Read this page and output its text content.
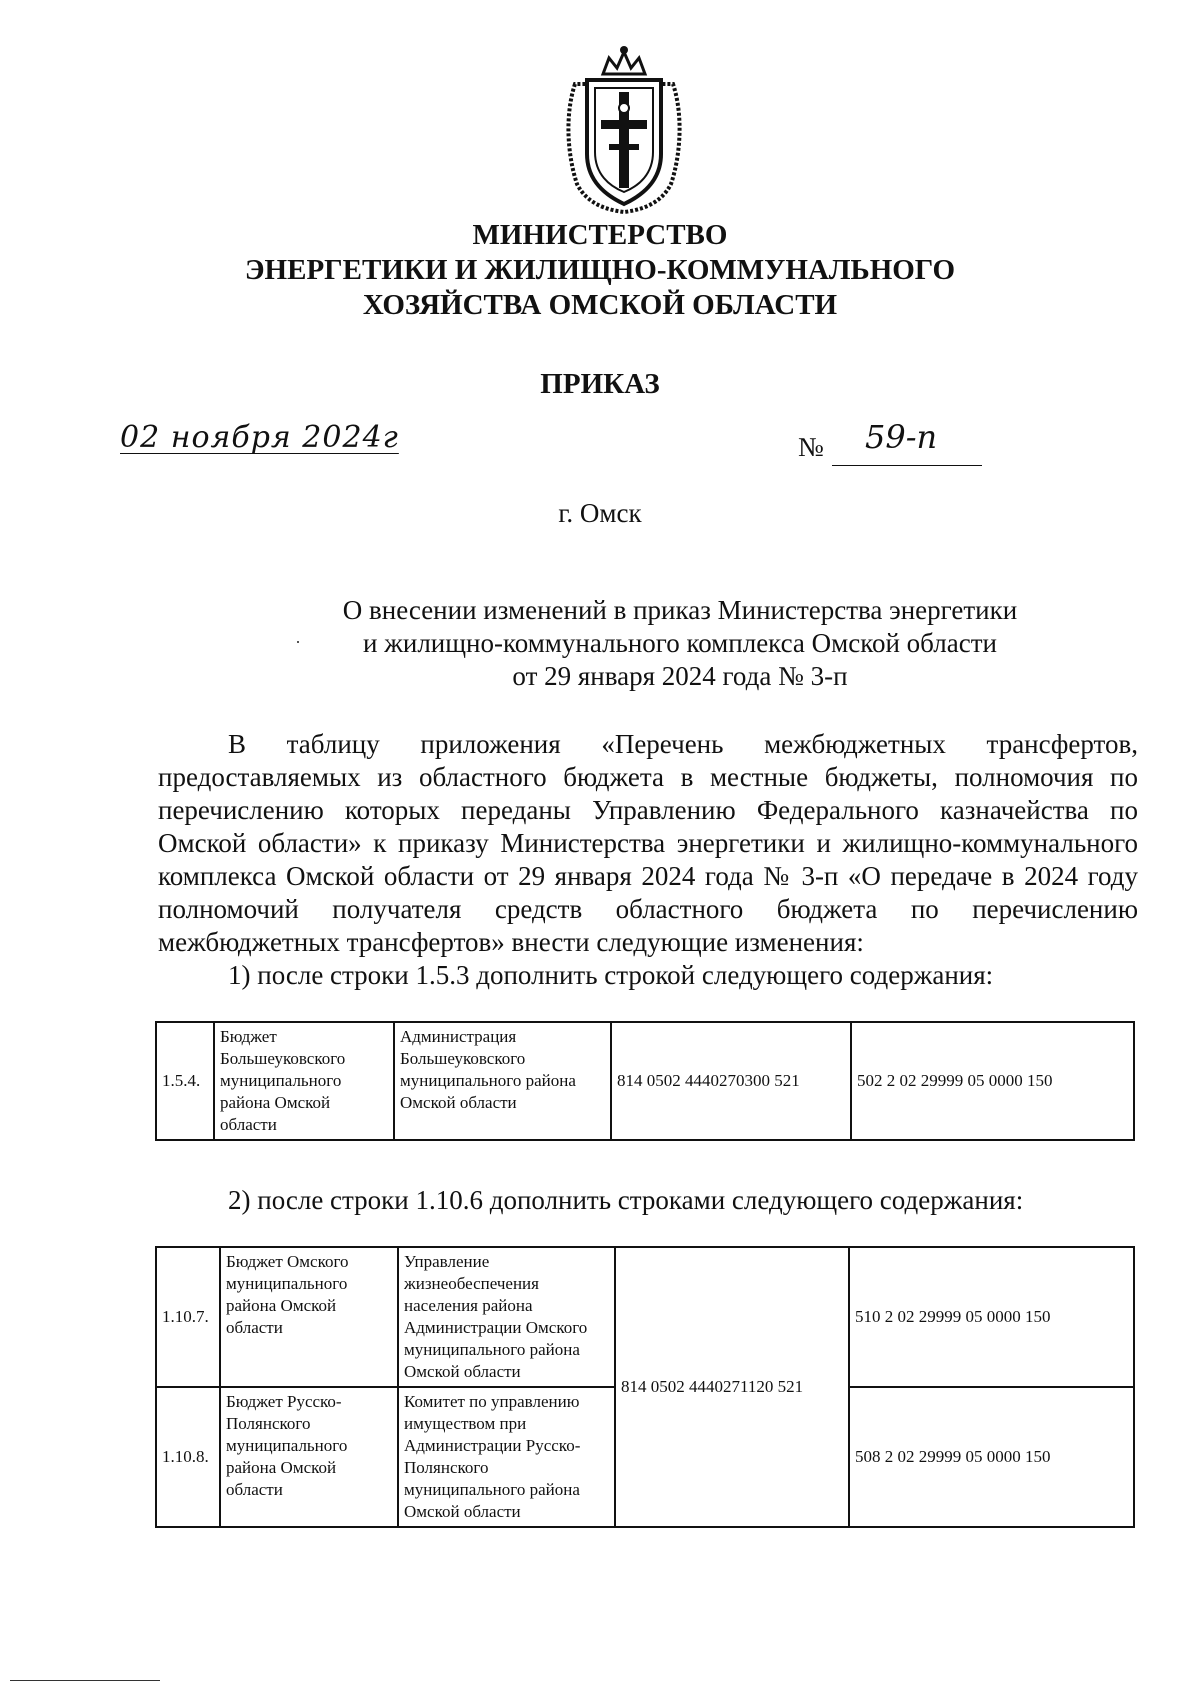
МИНИСТЕРСТВО
ЭНЕРГЕТИКИ И ЖИЛИЩНО-КОММУНАЛЬНОГО
ХОЗЯЙСТВА ОМСКОЙ ОБЛАСТИ
ПРИКАЗ
02 ноября 2024г	№ 59-п
г. Омск
О внесении изменений в приказ Министерства энергетики
и жилищно-коммунального комплекса Омской области
от 29 января 2024 года № 3-п
В таблицу приложения «Перечень межбюджетных трансфертов, предоставляемых из областного бюджета в местные бюджеты, полномочия по перечислению которых переданы Управлению Федерального казначейства по Омской области» к приказу Министерства энергетики и жилищно-коммунального комплекса Омской области от 29 января 2024 года № 3-п «О передаче в 2024 году полномочий получателя средств областного бюджета по перечислению межбюджетных трансфертов» внести следующие изменения:
1) после строки 1.5.3 дополнить строкой следующего содержания:
1.5.4.	Бюджет Большеуковского муниципального района Омской области	Администрация Большеуковского муниципального района Омской области	814 0502 4440270300 521	502 2 02 29999 05 0000 150
2) после строки 1.10.6 дополнить строками следующего содержания:
1.10.7.	Бюджет Омского муниципального района Омской области	Управление жизнеобеспечения населения района Администрации Омского муниципального района Омской области	814 0502 4440271120 521	510 2 02 29999 05 0000 150
1.10.8.	Бюджет Русско-Полянского муниципального района Омской области	Комитет по управлению имуществом при Администрации Русско-Полянского муниципального района Омской области		508 2 02 29999 05 0000 150
